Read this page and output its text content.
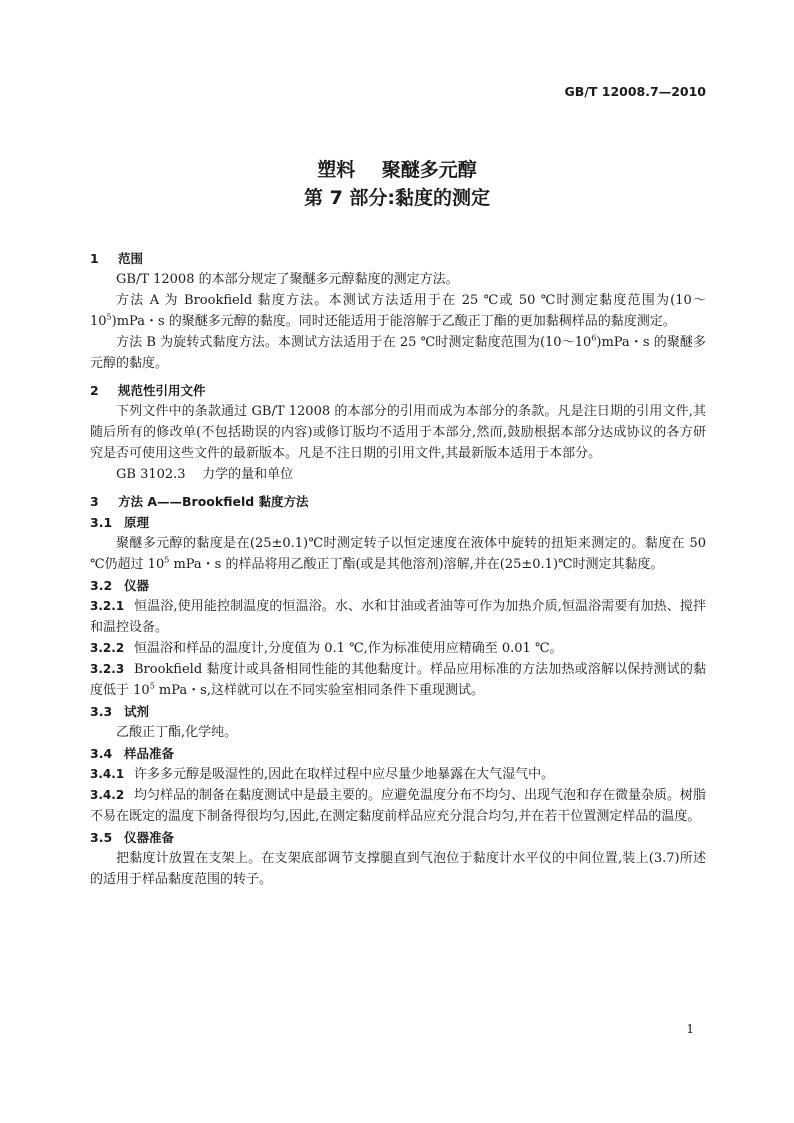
GB/T 12008.7—2010
塑料    聚醚多元醇
第 7 部分:黏度的测定
1 范围

GB/T 12008 的本部分规定了聚醚多元醇黏度的测定方法。

方法 A 为 Brookfield 黏度方法。本测试方法适用于在 25 ℃或 50 ℃时测定黏度范围为$(10\sim 10^5)mPa$・s 的聚醚多元醇的黏度。同时还能适用于能溶解于乙酸正丁酯的更加黏稠样品的黏度测定。

方法 B 为旋转式黏度方法。本测试方法适用于在 25 ℃时测定黏度范围为$(10\sim 10^6)mPa$・s 的聚醚多元醇的黏度。

2 规范性引用文件

下列文件中的条款通过 GB/T 12008 的本部分的引用而成为本部分的条款。凡是注日期的引用文件,其随后所有的修改单(不包括勘误的内容)或修订版均不适用于本部分,然而,鼓励根据本部分达成协议的各方研究是否可使用这些文件的最新版本。凡是不注日期的引用文件,其最新版本适用于本部分。

GB 3102.3    力学的量和单位

3 方法 A——Brookfield 黏度方法
3.1 原理

聚醚多元醇的黏度是在(25±0.1)℃时测定转子以恒定速度在液体中旋转的扭矩来测定的。黏度在 50 ℃仍超过 $10^5$ mPa・s 的样品将用乙酸正丁酯(或是其他溶剂)溶解,并在(25±0.1)℃时测定其黏度。

3.2 仪器

3.2.1 恒温浴,使用能控制温度的恒温浴。水、水和甘油或者油等可作为加热介质,恒温浴需要有加热、搅拌和温控设备。

3.2.2 恒温浴和样品的温度计,分度值为 0.1 ℃,作为标准使用应精确至 0.01 ℃。

3.2.3 Brookfield 黏度计或具备相同性能的其他黏度计。样品应用标准的方法加热或溶解以保持测试的黏度低于 $10^5$ mPa・s,这样就可以在不同实验室相同条件下重现测试。

3.3 试剂

乙酸正丁酯,化学纯。

3.4 样品准备

3.4.1 许多多元醇是吸湿性的,因此在取样过程中应尽量少地暴露在大气湿气中。

3.4.2 均匀样品的制备在黏度测试中是最主要的。应避免温度分布不均匀、出现气泡和存在微量杂质。树脂不易在既定的温度下制备得很均匀,因此,在测定黏度前样品应充分混合均匀,并在若干位置测定样品的温度。

3.5 仪器准备

把黏度计放置在支架上。在支架底部调节支撑腿直到气泡位于黏度计水平仪的中间位置,装上(3.7)所述的适用于样品黏度范围的转子。

1
